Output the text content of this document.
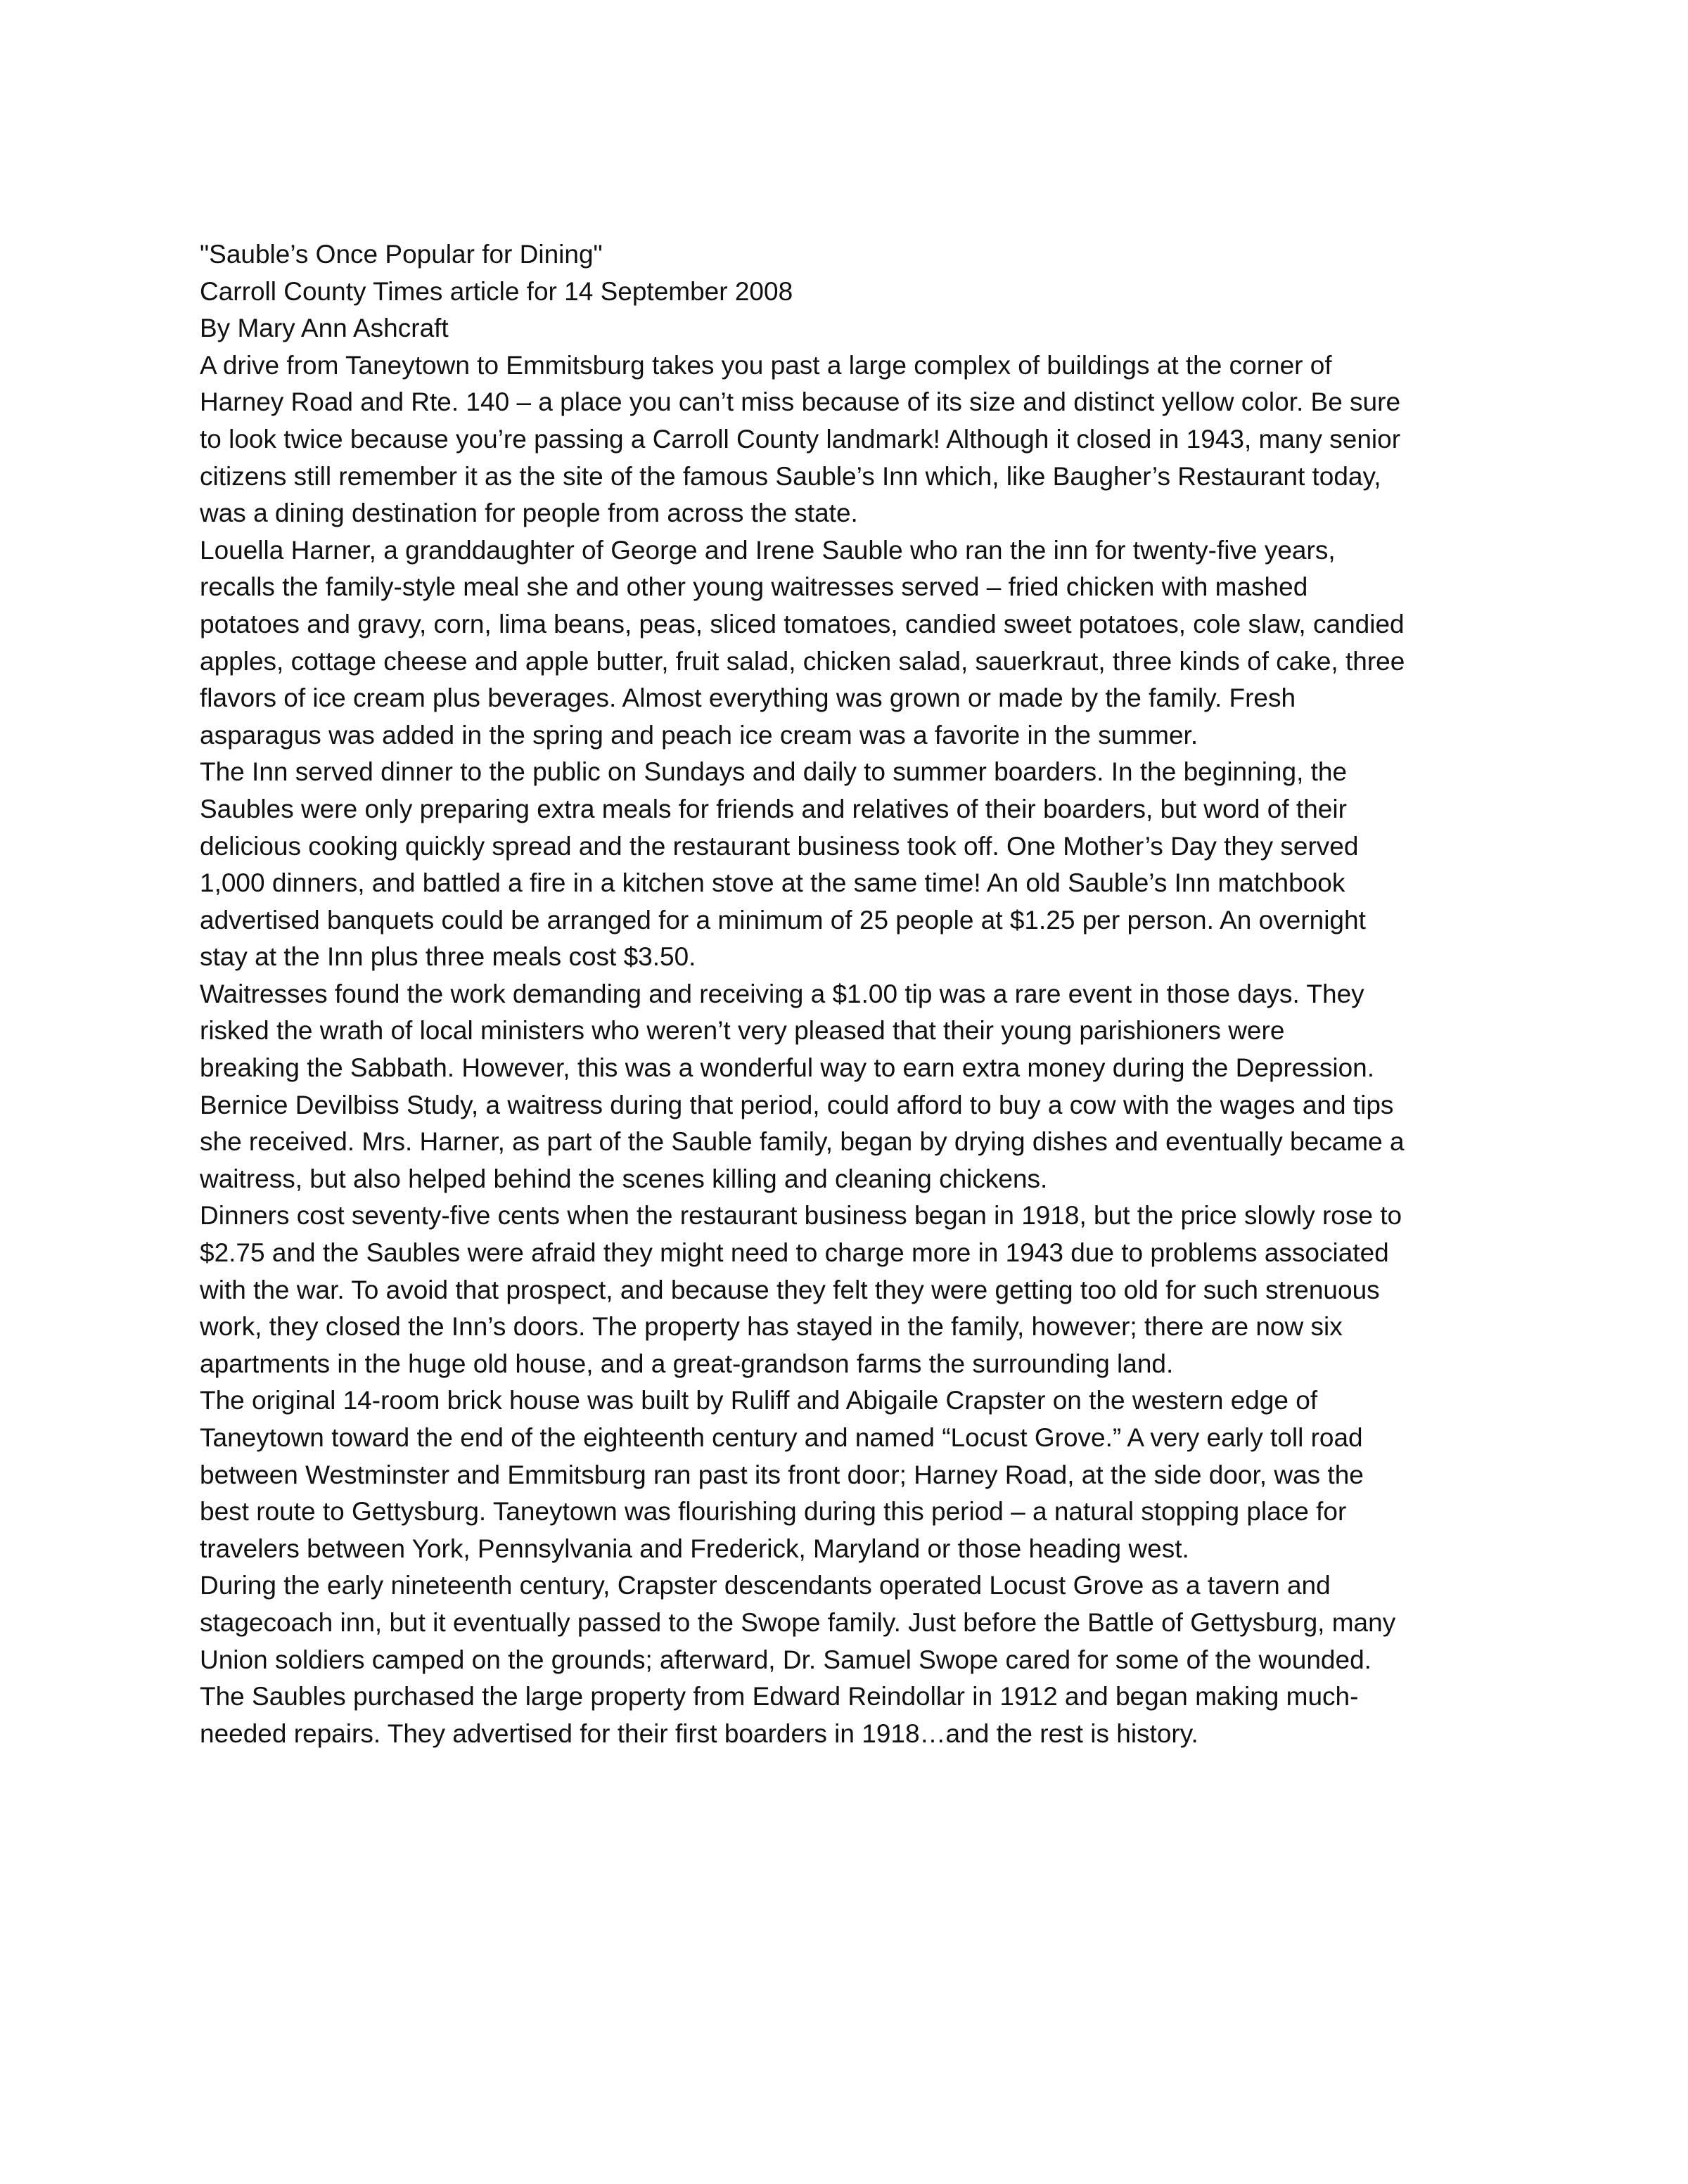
"Sauble’s Once Popular for Dining"
Carroll County Times article for 14 September 2008
By Mary Ann Ashcraft
A drive from Taneytown to Emmitsburg takes you past a large complex of buildings at the corner of
Harney Road and Rte. 140 – a place you can’t miss because of its size and distinct yellow color. Be sure
to look twice because you’re passing a Carroll County landmark! Although it closed in 1943, many senior
citizens still remember it as the site of the famous Sauble’s Inn which, like Baugher’s Restaurant today,
was a dining destination for people from across the state.
Louella Harner, a granddaughter of George and Irene Sauble who ran the inn for twenty-five years,
recalls the family-style meal she and other young waitresses served – fried chicken with mashed
potatoes and gravy, corn, lima beans, peas, sliced tomatoes, candied sweet potatoes, cole slaw, candied
apples, cottage cheese and apple butter, fruit salad, chicken salad, sauerkraut, three kinds of cake, three
flavors of ice cream plus beverages. Almost everything was grown or made by the family. Fresh
asparagus was added in the spring and peach ice cream was a favorite in the summer.
The Inn served dinner to the public on Sundays and daily to summer boarders. In the beginning, the
Saubles were only preparing extra meals for friends and relatives of their boarders, but word of their
delicious cooking quickly spread and the restaurant business took off. One Mother’s Day they served
1,000 dinners, and battled a fire in a kitchen stove at the same time! An old Sauble’s Inn matchbook
advertised banquets could be arranged for a minimum of 25 people at $1.25 per person. An overnight
stay at the Inn plus three meals cost $3.50.
Waitresses found the work demanding and receiving a $1.00 tip was a rare event in those days. They
risked the wrath of local ministers who weren’t very pleased that their young parishioners were
breaking the Sabbath. However, this was a wonderful way to earn extra money during the Depression.
Bernice Devilbiss Study, a waitress during that period, could afford to buy a cow with the wages and tips
she received. Mrs. Harner, as part of the Sauble family, began by drying dishes and eventually became a
waitress, but also helped behind the scenes killing and cleaning chickens.
Dinners cost seventy-five cents when the restaurant business began in 1918, but the price slowly rose to
$2.75 and the Saubles were afraid they might need to charge more in 1943 due to problems associated
with the war. To avoid that prospect, and because they felt they were getting too old for such strenuous
work, they closed the Inn’s doors. The property has stayed in the family, however; there are now six
apartments in the huge old house, and a great-grandson farms the surrounding land.
The original 14-room brick house was built by Ruliff and Abigaile Crapster on the western edge of
Taneytown toward the end of the eighteenth century and named “Locust Grove.” A very early toll road
between Westminster and Emmitsburg ran past its front door; Harney Road, at the side door, was the
best route to Gettysburg. Taneytown was flourishing during this period – a natural stopping place for
travelers between York, Pennsylvania and Frederick, Maryland or those heading west.
During the early nineteenth century, Crapster descendants operated Locust Grove as a tavern and
stagecoach inn, but it eventually passed to the Swope family. Just before the Battle of Gettysburg, many
Union soldiers camped on the grounds; afterward, Dr. Samuel Swope cared for some of the wounded.
The Saubles purchased the large property from Edward Reindollar in 1912 and began making much-
needed repairs. They advertised for their first boarders in 1918…and the rest is history.
